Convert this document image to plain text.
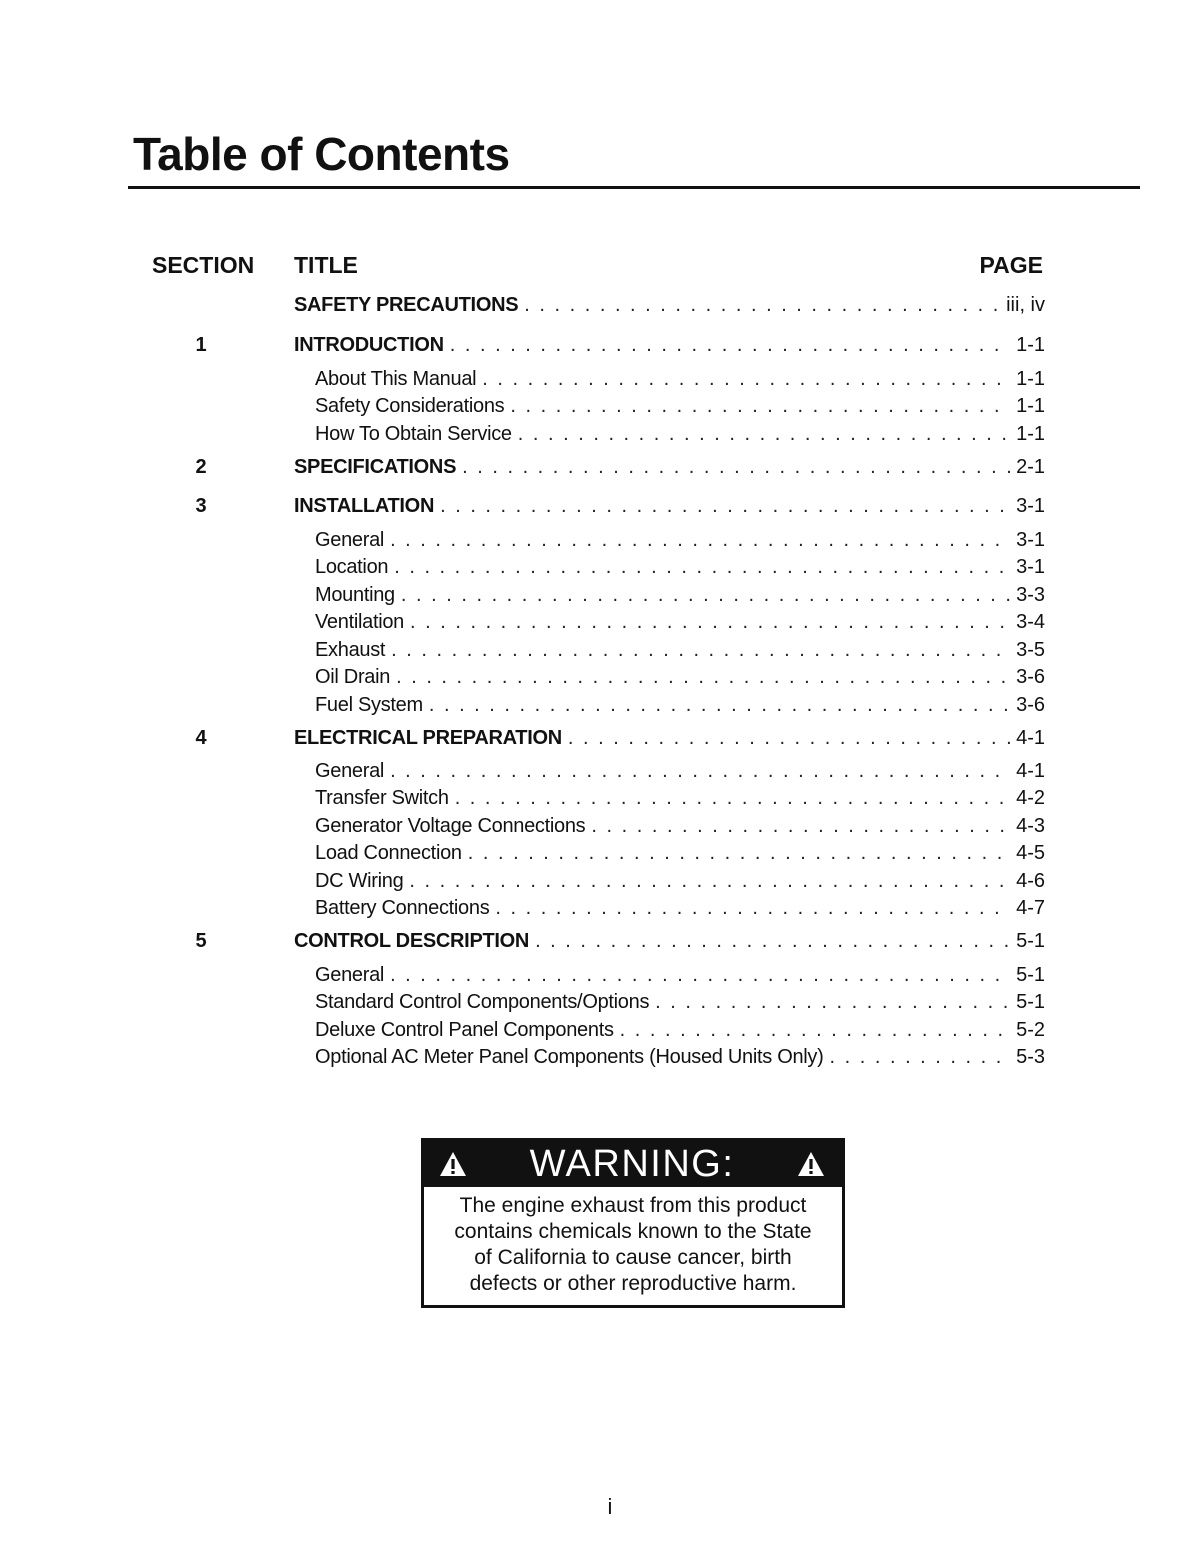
Table of Contents
SECTION TITLE	PAGE
SAFETY PRECAUTIONS . . .	iii, iv
1	INTRODUCTION . . .	1-1
About This Manual . . .	1-1
Safety Considerations . . .	1-1
How To Obtain Service . . .	1-1
2	SPECIFICATIONS . . .	2-1
3	INSTALLATION . . .	3-1
General . . .	3-1
Location . . .	3-1
Mounting . . .	3-3
Ventilation . . .	3-4
Exhaust . . .	3-5
Oil Drain . . .	3-6
Fuel System . . .	3-6
4	ELECTRICAL PREPARATION . . .	4-1
General . . .	4-1
Transfer Switch . . .	4-2
Generator Voltage Connections . . .	4-3
Load Connection . . .	4-5
DC Wiring . . .	4-6
Battery Connections . . .	4-7
5	CONTROL DESCRIPTION . . .	5-1
General . . .	5-1
Standard Control Components/Options . . .	5-1
Deluxe Control Panel Components . . .	5-2
Optional AC Meter Panel Components (Housed Units Only) . . .	5-3
WARNING:
The engine exhaust from this product
contains chemicals known to the State
of California to cause cancer, birth
defects or other reproductive harm.
i
